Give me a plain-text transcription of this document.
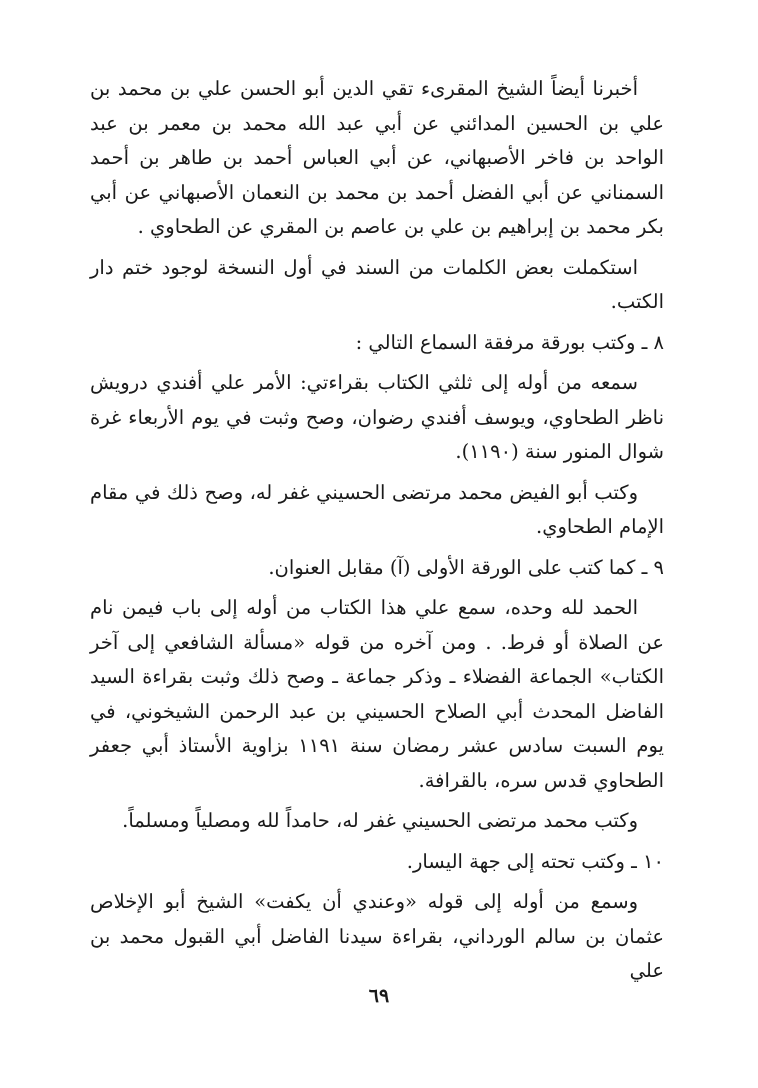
أخبرنا أيضاً الشيخ المقرىء تقي الدين أبو الحسن علي بن محمد بن علي بن الحسين المدائني عن أبي عبد الله محمد بن معمر بن عبد الواحد بن فاخر الأصبهاني، عن أبي العباس أحمد بن طاهر بن أحمد السمناني عن أبي الفضل أحمد بن محمد بن النعمان الأصبهاني عن أبي بكر محمد بن إبراهيم بن علي بن عاصم بن المقري عن الطحاوي .

استكملت بعض الكلمات من السند في أول النسخة لوجود ختم دار الكتب.

٨ ـ وكتب بورقة مرفقة السماع التالي :

سمعه من أوله إلى ثلثي الكتاب بقراءتي: الأمر علي أفندي درويش ناظر الطحاوي، ويوسف أفندي رضوان، وصح وثبت في يوم الأربعاء غرة شوال المنور سنة (١١٩٠).

وكتب أبو الفيض محمد مرتضى الحسيني غفر له، وصح ذلك في مقام الإمام الطحاوي.

٩ ـ كما كتب على الورقة الأولى (آ) مقابل العنوان.

الحمد لله وحده، سمع علي هذا الكتاب من أوله إلى باب فيمن نام عن الصلاة أو فرط. . ومن آخره من قوله «مسألة الشافعي إلى آخر الكتاب» الجماعة الفضلاء ـ وذكر جماعة ـ وصح ذلك وثبت بقراءة السيد الفاضل المحدث أبي الصلاح الحسيني بن عبد الرحمن الشيخوني، في يوم السبت سادس عشر رمضان سنة ١١٩١ بزاوية الأستاذ أبي جعفر الطحاوي قدس سره، بالقرافة.

وكتب محمد مرتضى الحسيني غفر له، حامداً لله ومصلياً ومسلماً.

١٠ ـ وكتب تحته إلى جهة اليسار.

وسمع من أوله إلى قوله «وعندي أن يكفت» الشيخ أبو الإخلاص عثمان بن سالم الورداني، بقراءة سيدنا الفاضل أبي القبول محمد بن علي

٦٩
